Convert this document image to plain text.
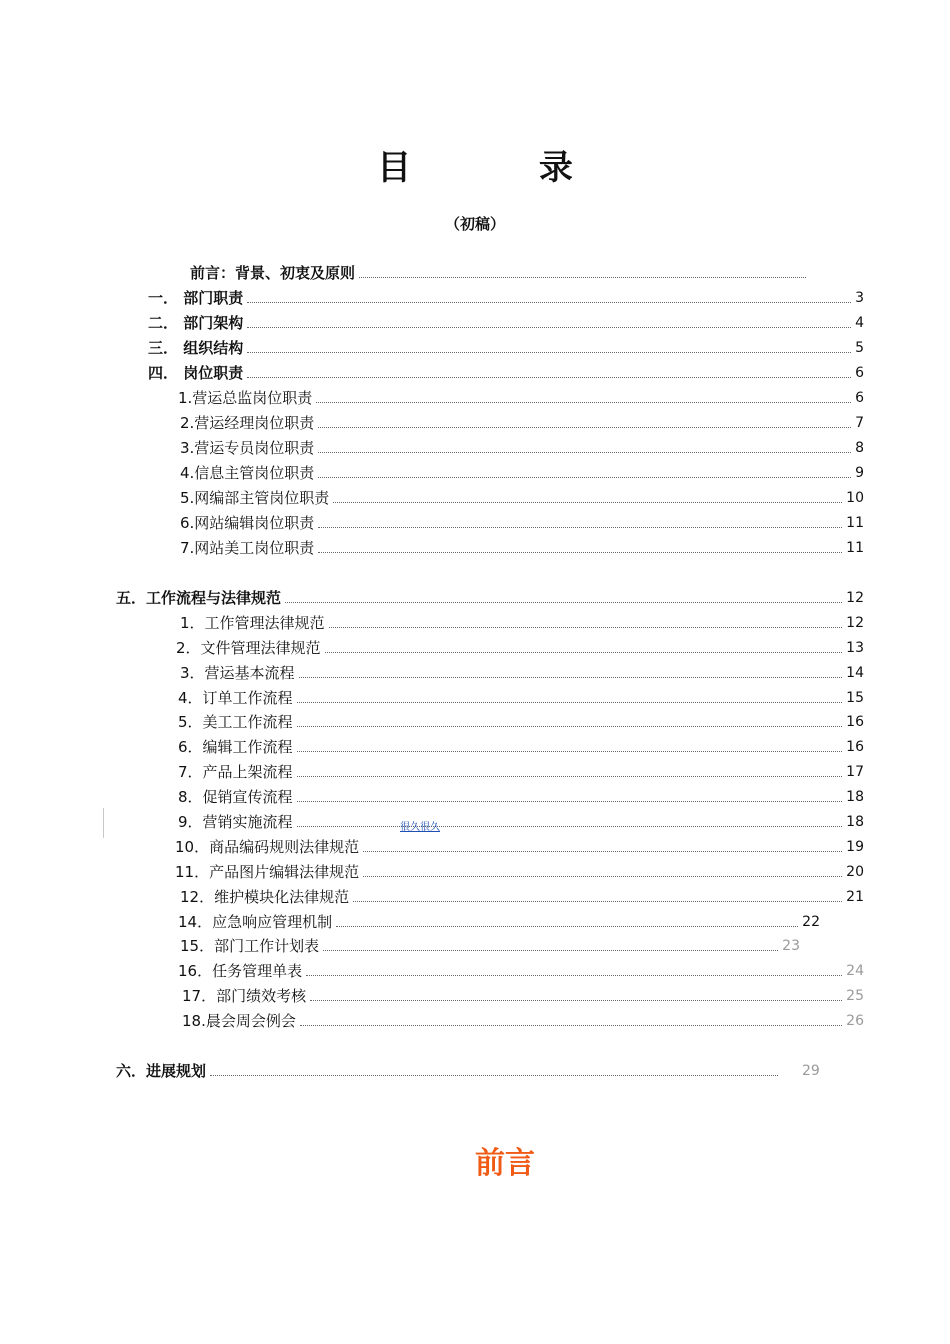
目 录
（初稿）
前言：背景、初衷及原则
一． 部门职责	3
二． 部门架构	4
三． 组织结构	5
四． 岗位职责	6
1.营运总监岗位职责	6
2.营运经理岗位职责	7
3.营运专员岗位职责	8
4.信息主管岗位职责	9
5.网编部主管岗位职责	10
6.网站编辑岗位职责	11
7.网站美工岗位职责	11
五．工作流程与法律规范	12
1．工作管理法律规范	12
2．文件管理法律规范	13
3．营运基本流程	14
4．订单工作流程	15
5．美工工作流程	16
6．编辑工作流程	16
7．产品上架流程	17
8．促销宣传流程	18
9．营销实施流程	18
很久很久
10．商品编码规则法律规范	19
11．产品图片编辑法律规范	20
12．维护模块化法律规范	21
14．应急响应管理机制	22
15．部门工作计划表	23
16．任务管理单表	24
17．部门绩效考核	25
18.晨会周会例会	26
六．进展规划	29
前言
